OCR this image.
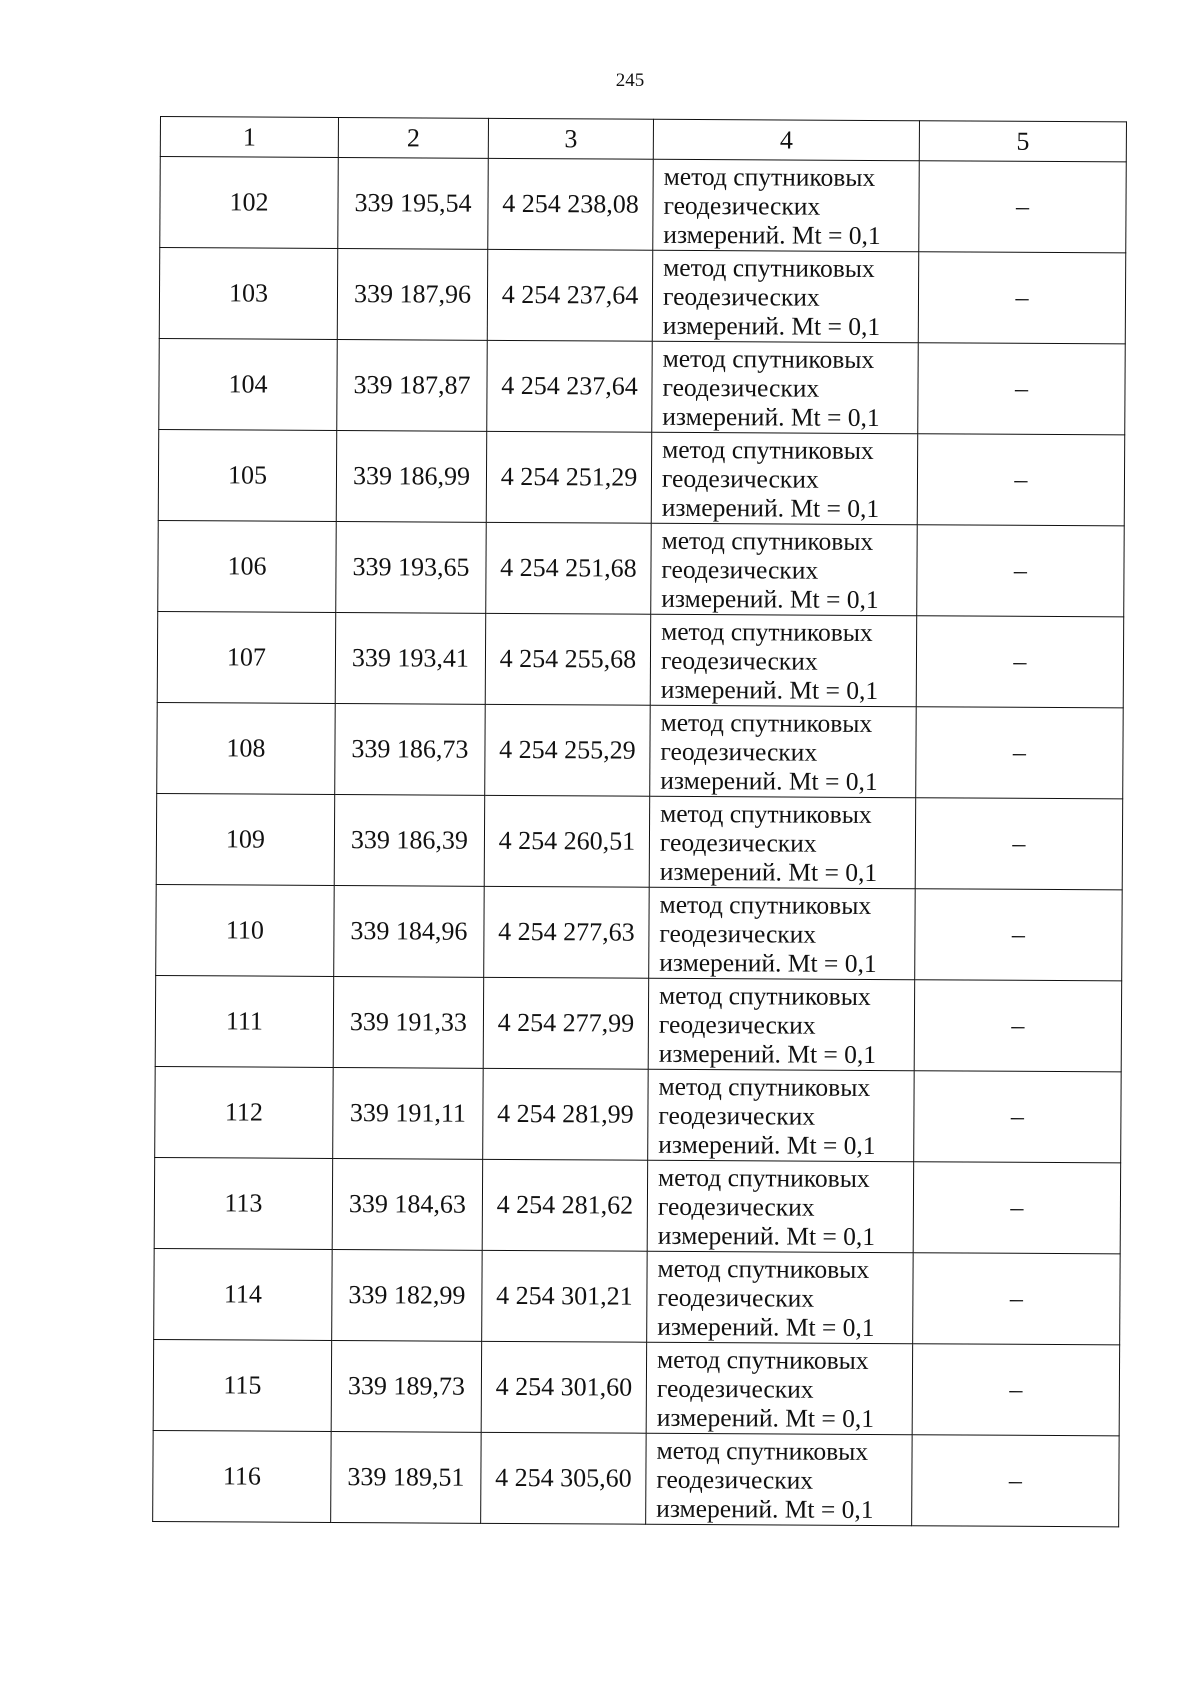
245
1	2	3	4	5
102	339 195,54	4 254 238,08	метод спутниковых
геодезических
измерений. Mt = 0,1	–
103	339 187,96	4 254 237,64	метод спутниковых
геодезических
измерений. Mt = 0,1	–
104	339 187,87	4 254 237,64	метод спутниковых
геодезических
измерений. Mt = 0,1	–
105	339 186,99	4 254 251,29	метод спутниковых
геодезических
измерений. Mt = 0,1	–
106	339 193,65	4 254 251,68	метод спутниковых
геодезических
измерений. Mt = 0,1	–
107	339 193,41	4 254 255,68	метод спутниковых
геодезических
измерений. Mt = 0,1	–
108	339 186,73	4 254 255,29	метод спутниковых
геодезических
измерений. Mt = 0,1	–
109	339 186,39	4 254 260,51	метод спутниковых
геодезических
измерений. Mt = 0,1	–
110	339 184,96	4 254 277,63	метод спутниковых
геодезических
измерений. Mt = 0,1	–
111	339 191,33	4 254 277,99	метод спутниковых
геодезических
измерений. Mt = 0,1	–
112	339 191,11	4 254 281,99	метод спутниковых
геодезических
измерений. Mt = 0,1	–
113	339 184,63	4 254 281,62	метод спутниковых
геодезических
измерений. Mt = 0,1	–
114	339 182,99	4 254 301,21	метод спутниковых
геодезических
измерений. Mt = 0,1	–
115	339 189,73	4 254 301,60	метод спутниковых
геодезических
измерений. Mt = 0,1	–
116	339 189,51	4 254 305,60	метод спутниковых
геодезических
измерений. Mt = 0,1	–
